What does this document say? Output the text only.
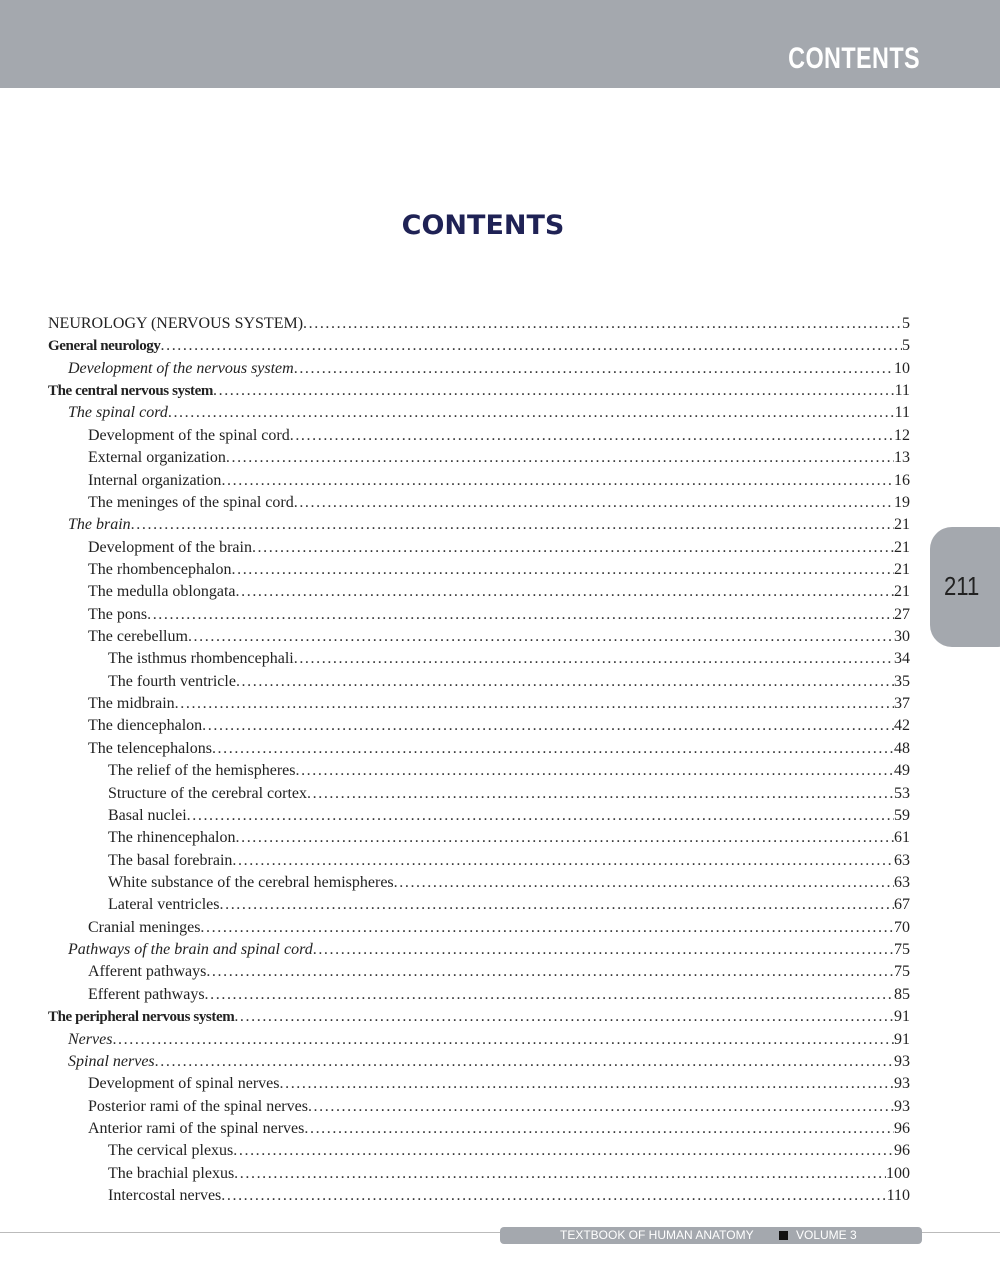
CONTENTS
CONTENTS
NEUROLOGY (NERVOUS SYSTEM) . . .	5
General neurology . . .	5
Development of the nervous system . . .	10
The central nervous system . . .	11
The spinal cord . . .	11
Development of the spinal cord . . .	12
External organization . . .	13
Internal organization . . .	16
The meninges of the spinal cord . . .	19
The brain . . .	21
Development of the brain . . .	21
The rhombencephalon . . .	21
The medulla oblongata . . .	21
The pons . . .	27
The cerebellum . . .	30
The isthmus rhombencephali . . .	34
The fourth ventricle . . .	35
The midbrain . . .	37
The diencephalon . . .	42
The telencephalons . . .	48
The relief of the hemispheres . . .	49
Structure of the cerebral cortex . . .	53
Basal nuclei . . .	59
The rhinencephalon . . .	61
The basal forebrain . . .	63
White substance of the cerebral hemispheres . . .	63
Lateral ventricles . . .	67
Cranial meninges . . .	70
Pathways of the brain and spinal cord . . .	75
Afferent pathways . . .	75
Efferent pathways . . .	85
The peripheral nervous system . . .	91
Nerves . . .	91
Spinal nerves . . .	93
Development of spinal nerves . . .	93
Posterior rami of the spinal nerves . . .	93
Anterior rami of the spinal nerves . . .	96
The cervical plexus . . .	96
The brachial plexus . . .	100
Intercostal nerves . . .	110
211
TEXTBOOK OF HUMAN ANATOMY	VOLUME 3
